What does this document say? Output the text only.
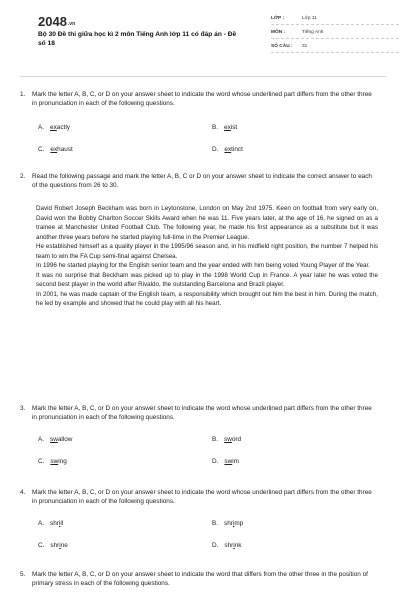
$2048^{.vn}$
Bộ 30 Đề thi giữa học kì 2 môn Tiếng Anh lớp 11 có đáp án - Đề số 18
LỚP :	Lớp 11
MÔN :	Tiếng Anh
SỐ CÂU : 31
1. Mark the letter A, B, C, or D on your answer sheet to indicate the word whose underlined part differs from the other three in pronunciation in each of the following questions.
A. exactly	B. exist
C. exhaust	D. extinct
2. Read the following passage and mark the letter A, B, C or D on your answer sheet to indicate the correct answer to each of the questions from 26 to 30.

David Robert Joseph Beckham was born in Leytonstone, London on May 2nd 1975. Keen on football from very early on, David won the Bobby Charlton Soccer Skills Award when he was 11. Five years later, at the age of 16, he signed on as a trainee at Manchester United Football Club. The following year, he made his first appearance as a substitute but it was another three years before he started playing full-time in the Premier League.

He established himself as a quality player in the 1995/96 season and, in his midfield right position, the number 7 helped his team to win the FA Cup semi-final against Chelsea.

In 1996 he started playing for the English senior team and the year ended with him being voted Young Player of the Year.

It was no surprise that Beckham was picked up to play in the 1998 World Cup in France. A year later he was voted the second best player in the world after Rivaldo, the outstanding Barcelona and Brazil player.

In 2001, he was made captain of the English team, a responsibility which brought out him the best in him. During the match, he led by example and showed that he could play with all his heart.

3. Mark the letter A, B, C, or D on your answer sheet to indicate the word whose underlined part differs from the other three in pronunciation in each of the following questions.
A. swallow	B. sword
C. swing	D. swim
4. Mark the letter A, B, C, or D on your answer sheet to indicate the word whose underlined part differs from the other three in pronunciation in each of the following questions.
A. shrill	B. shrimp
C. shrine	D. shrink
5. Mark the letter A, B, C, or D on your answer sheet to indicate the word that differs from the other three in the position of primary stress in each of the following questions.
